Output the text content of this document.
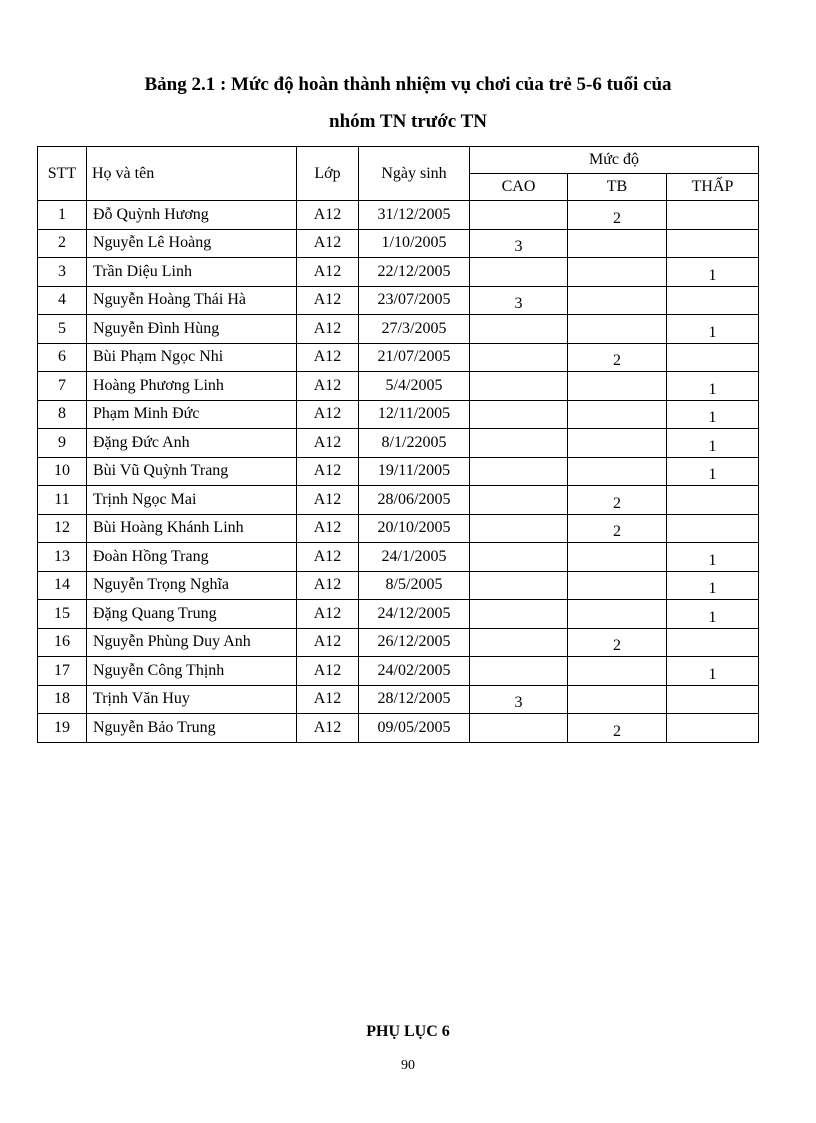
Bảng 2.1 : Mức độ hoàn thành nhiệm vụ chơi của trẻ 5-6 tuổi của
nhóm TN trước TN
STT	Họ và tên	Lớp	Ngày sinh	Mức độ		
				CAO	TB	THẤP
1	Đỗ Quỳnh Hương	A12	31/12/2005		2	
2	Nguyễn Lê Hoàng	A12	1/10/2005	3		
3	Trần Diệu Linh	A12	22/12/2005			1
4	Nguyễn Hoàng Thái Hà	A12	23/07/2005	3		
5	Nguyễn Đình Hùng	A12	27/3/2005			1
6	Bùi Phạm Ngọc Nhi	A12	21/07/2005		2	
7	Hoàng Phương Linh	A12	5/4/2005			1
8	Phạm Minh Đức	A12	12/11/2005			1
9	Đặng Đức Anh	A12	8/1/22005			1
10	Bùi Vũ Quỳnh Trang	A12	19/11/2005			1
11	Trịnh Ngọc Mai	A12	28/06/2005		2	
12	Bùi Hoàng Khánh Linh	A12	20/10/2005		2	
13	Đoàn Hồng Trang	A12	24/1/2005			1
14	Nguyễn Trọng Nghĩa	A12	8/5/2005			1
15	Đặng Quang Trung	A12	24/12/2005			1
16	Nguyễn Phùng Duy Anh	A12	26/12/2005		2	
17	Nguyễn Công Thịnh	A12	24/02/2005			1
18	Trịnh Văn Huy	A12	28/12/2005	3		
19	Nguyễn Bảo Trung	A12	09/05/2005		2	
PHỤ LỤC 6
90
